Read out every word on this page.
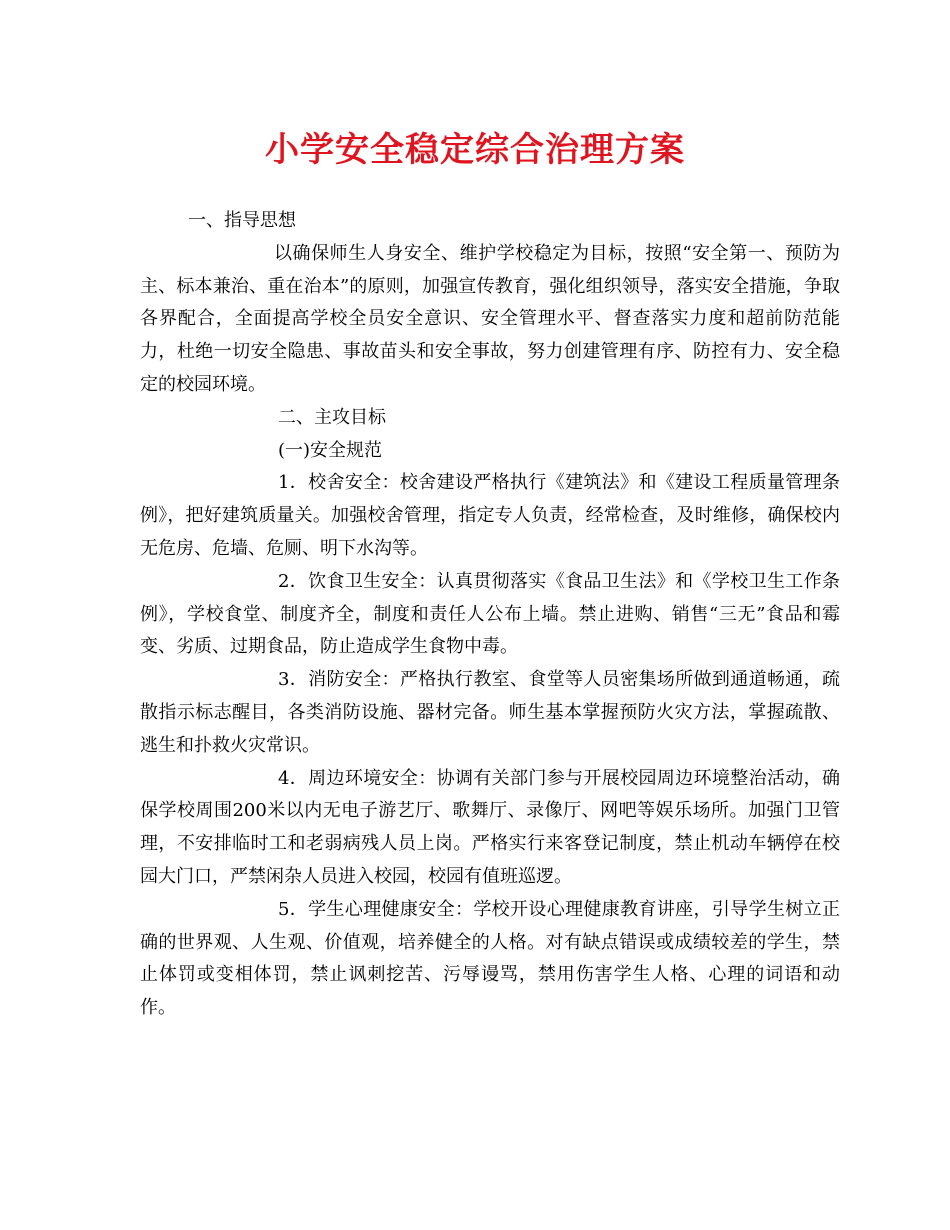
小学安全稳定综合治理方案

一、指导思想

以确保师生人身安全、维护学校稳定为目标，按照“安全第一、预防为主、标本兼治、重在治本”的原则，加强宣传教育，强化组织领导，落实安全措施，争取各界配合，全面提高学校全员安全意识、安全管理水平、督查落实力度和超前防范能力，杜绝一切安全隐患、事故苗头和安全事故，努力创建管理有序、防控有力、安全稳定的校园环境。

二、主攻目标

(一)安全规范

1．校舍安全：校舍建设严格执行《建筑法》和《建设工程质量管理条例》，把好建筑质量关。加强校舍管理，指定专人负责，经常检查，及时维修，确保校内无危房、危墙、危厕、明下水沟等。

2．饮食卫生安全：认真贯彻落实《食品卫生法》和《学校卫生工作条例》，学校食堂、制度齐全，制度和责任人公布上墙。禁止进购、销售“三无”食品和霉变、劣质、过期食品，防止造成学生食物中毒。

3．消防安全：严格执行教室、食堂等人员密集场所做到通道畅通，疏散指示标志醒目，各类消防设施、器材完备。师生基本掌握预防火灾方法，掌握疏散、逃生和扑救火灾常识。

4．周边环境安全：协调有关部门参与开展校园周边环境整治活动，确保学校周围200米以内无电子游艺厅、歌舞厅、录像厅、网吧等娱乐场所。加强门卫管理，不安排临时工和老弱病残人员上岗。严格实行来客登记制度，禁止机动车辆停在校园大门口，严禁闲杂人员进入校园，校园有值班巡逻。

5．学生心理健康安全：学校开设心理健康教育讲座，引导学生树立正确的世界观、人生观、价值观，培养健全的人格。对有缺点错误或成绩较差的学生，禁止体罚或变相体罚，禁止讽刺挖苦、污辱谩骂，禁用伤害学生人格、心理的词语和动作。
